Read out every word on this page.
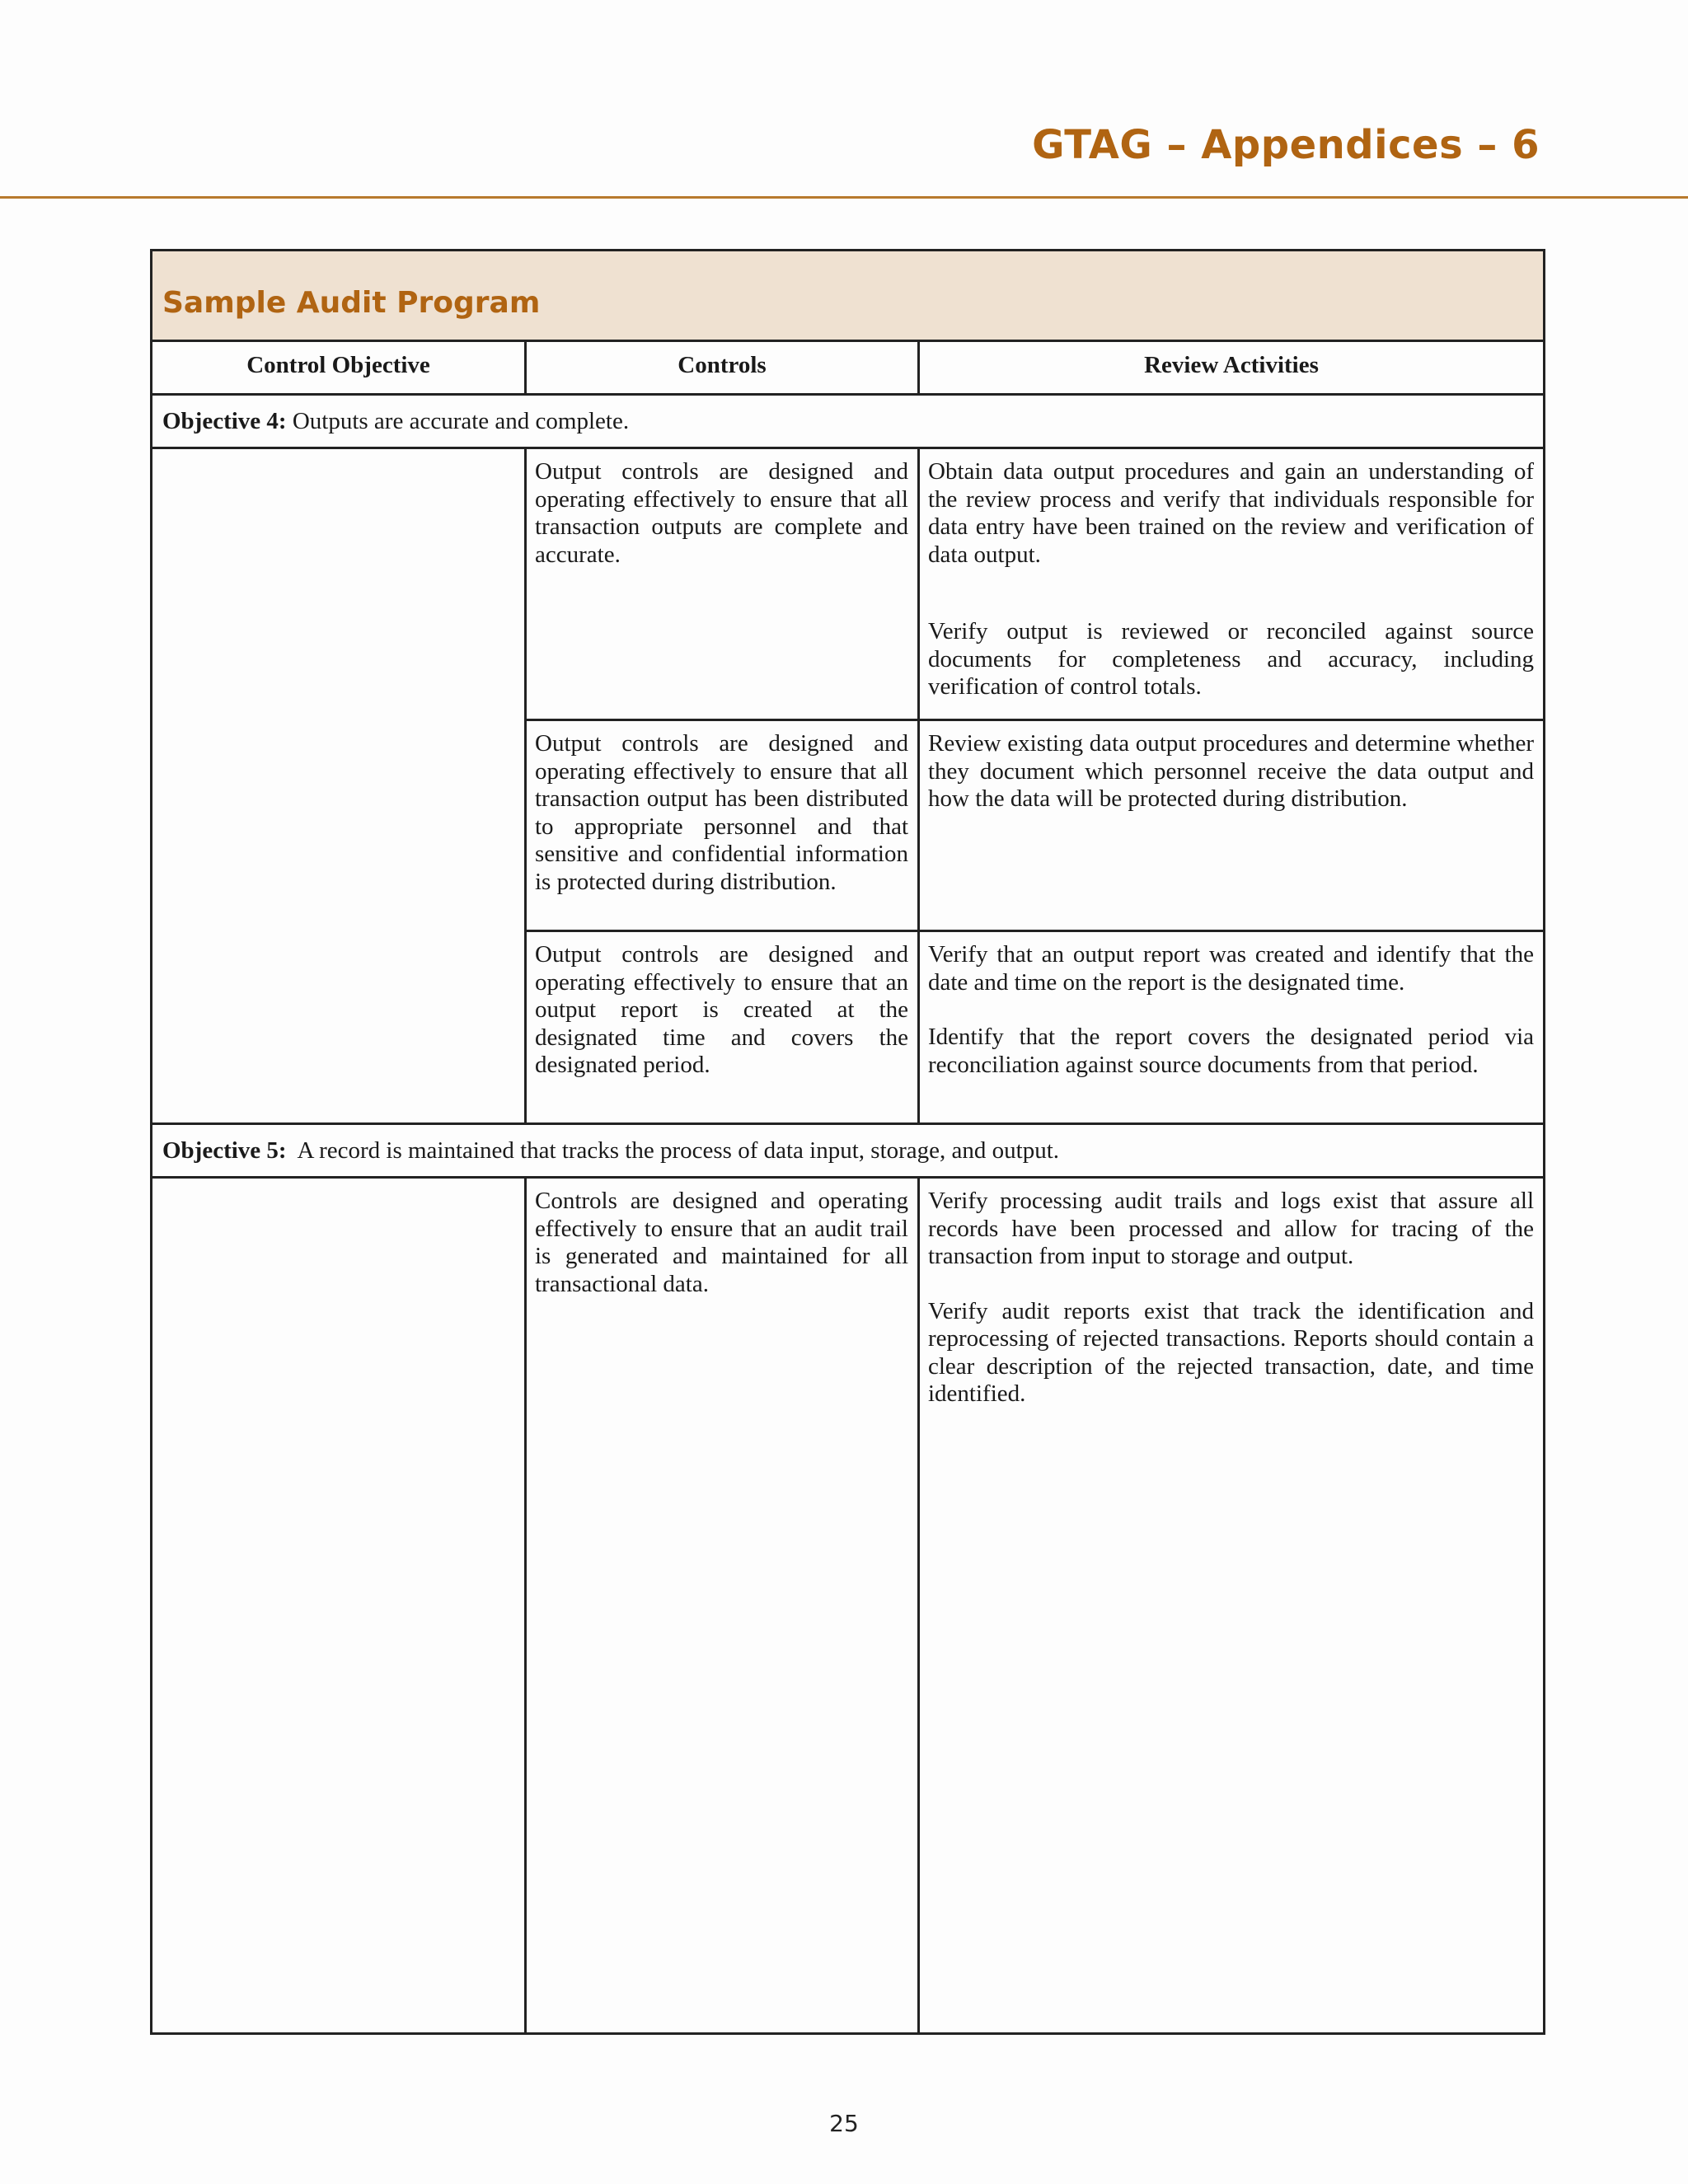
GTAG – Appendices – 6
Sample Audit Program
Control Objective	Controls	Review Activities
Objective 4: Outputs are accurate and complete.

Output controls are designed and operating effectively to ensure that all transaction outputs are complete and accurate.

Obtain data output procedures and gain an understanding of the review process and verify that individuals responsible for data entry have been trained on the review and verification of data output.

Verify output is reviewed or reconciled against source documents for completeness and accuracy, including verification of control totals.

Output controls are designed and operating effectively to ensure that all transaction output has been distributed to appropriate personnel and that sensitive and confidential information is protected during distribution.

Review existing data output procedures and determine whether they document which personnel receive the data output and how the data will be protected during distribution.

Output controls are designed and operating effectively to ensure that an output report is created at the designated time and covers the designated period.

Verify that an output report was created and identify that the date and time on the report is the designated time.

Identify that the report covers the designated period via reconciliation against source documents from that period.

Objective 5:  A record is maintained that tracks the process of data input, storage, and output.

Controls are designed and operating effectively to ensure that an audit trail is generated and maintained for all transactional data.

Verify processing audit trails and logs exist that assure all records have been processed and allow for tracing of the transaction from input to storage and output.

Verify audit reports exist that track the identification and reprocessing of rejected transactions. Reports should contain a clear description of the rejected transaction, date, and time identified.

25
